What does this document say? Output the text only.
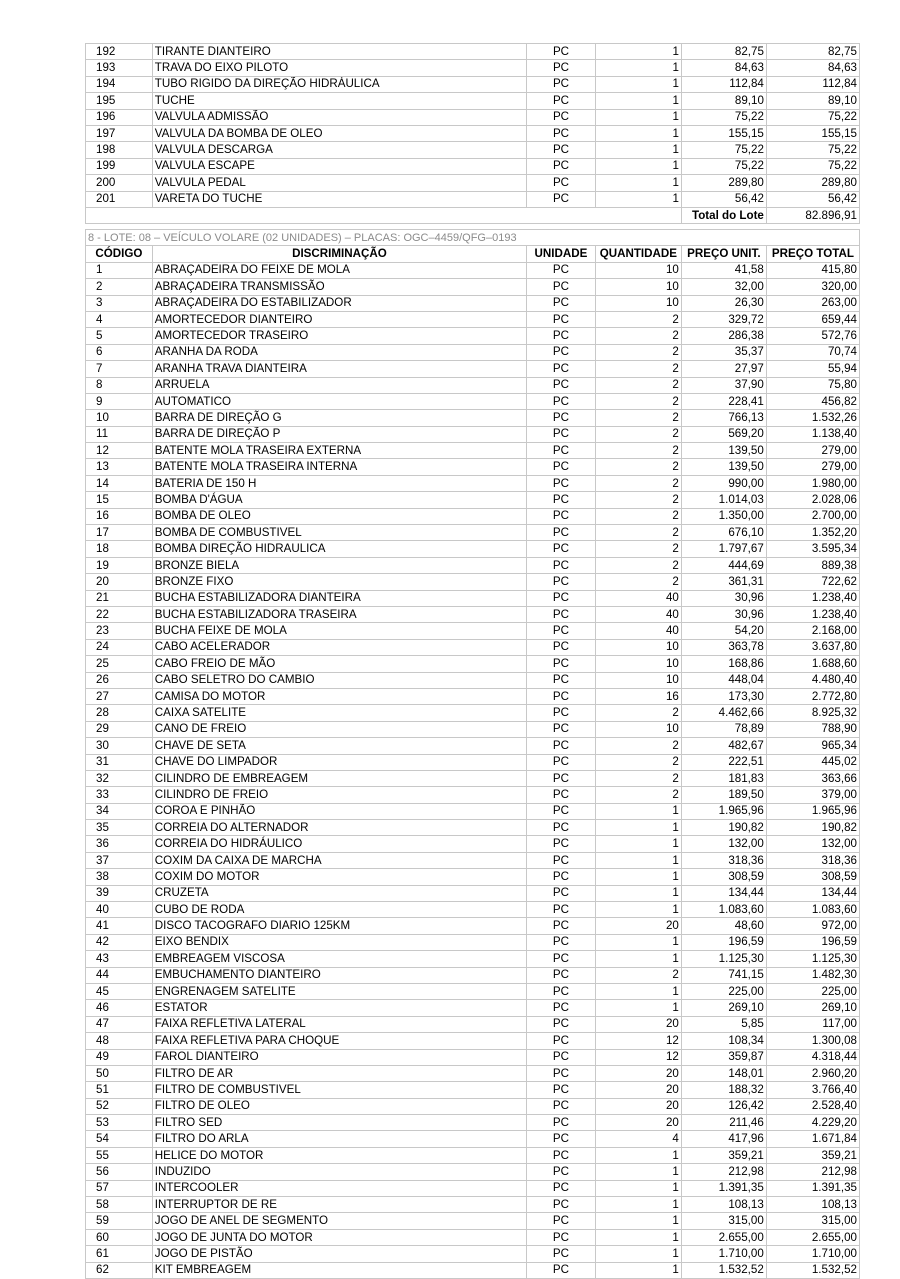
192	TIRANTE DIANTEIRO	PC	1	82,75	82,75
193	TRAVA DO EIXO PILOTO	PC	1	84,63	84,63
194	TUBO RIGIDO DA DIREÇÃO HIDRÁULICA	PC	1	112,84	112,84
195	TUCHE	PC	1	89,10	89,10
196	VALVULA ADMISSÃO	PC	1	75,22	75,22
197	VALVULA DA BOMBA DE OLEO	PC	1	155,15	155,15
198	VALVULA DESCARGA	PC	1	75,22	75,22
199	VALVULA ESCAPE	PC	1	75,22	75,22
200	VALVULA PEDAL	PC	1	289,80	289,80
201	VARETA DO TUCHE	PC	1	56,42	56,42
				Total do Lote	82.896,91
8 - LOTE: 08 – VEÍCULO VOLARE (02 UNIDADES) – PLACAS: OGC–4459/QFG–0193					
CÓDIGO	DISCRIMINAÇÃO	UNIDADE	QUANTIDADE	PREÇO UNIT.	PREÇO TOTAL
1	ABRAÇADEIRA DO FEIXE DE MOLA	PC	10	41,58	415,80
2	ABRAÇADEIRA TRANSMISSÃO	PC	10	32,00	320,00
3	ABRAÇADEIRA DO ESTABILIZADOR	PC	10	26,30	263,00
4	AMORTECEDOR DIANTEIRO	PC	2	329,72	659,44
5	AMORTECEDOR TRASEIRO	PC	2	286,38	572,76
6	ARANHA DA RODA	PC	2	35,37	70,74
7	ARANHA TRAVA DIANTEIRA	PC	2	27,97	55,94
8	ARRUELA	PC	2	37,90	75,80
9	AUTOMATICO	PC	2	228,41	456,82
10	BARRA DE DIREÇÃO G	PC	2	766,13	1.532,26
11	BARRA DE DIREÇÃO P	PC	2	569,20	1.138,40
12	BATENTE MOLA TRASEIRA EXTERNA	PC	2	139,50	279,00
13	BATENTE MOLA TRASEIRA INTERNA	PC	2	139,50	279,00
14	BATERIA DE 150 H	PC	2	990,00	1.980,00
15	BOMBA D'ÁGUA	PC	2	1.014,03	2.028,06
16	BOMBA DE OLEO	PC	2	1.350,00	2.700,00
17	BOMBA DE COMBUSTIVEL	PC	2	676,10	1.352,20
18	BOMBA DIREÇÃO HIDRAULICA	PC	2	1.797,67	3.595,34
19	BRONZE BIELA	PC	2	444,69	889,38
20	BRONZE FIXO	PC	2	361,31	722,62
21	BUCHA ESTABILIZADORA DIANTEIRA	PC	40	30,96	1.238,40
22	BUCHA ESTABILIZADORA TRASEIRA	PC	40	30,96	1.238,40
23	BUCHA FEIXE DE MOLA	PC	40	54,20	2.168,00
24	CABO ACELERADOR	PC	10	363,78	3.637,80
25	CABO FREIO DE MÃO	PC	10	168,86	1.688,60
26	CABO SELETRO DO CAMBIO	PC	10	448,04	4.480,40
27	CAMISA DO MOTOR	PC	16	173,30	2.772,80
28	CAIXA SATELITE	PC	2	4.462,66	8.925,32
29	CANO DE FREIO	PC	10	78,89	788,90
30	CHAVE DE SETA	PC	2	482,67	965,34
31	CHAVE DO LIMPADOR	PC	2	222,51	445,02
32	CILINDRO DE EMBREAGEM	PC	2	181,83	363,66
33	CILINDRO DE FREIO	PC	2	189,50	379,00
34	COROA E PINHÃO	PC	1	1.965,96	1.965,96
35	CORREIA DO ALTERNADOR	PC	1	190,82	190,82
36	CORREIA DO HIDRÁULICO	PC	1	132,00	132,00
37	COXIM DA CAIXA DE MARCHA	PC	1	318,36	318,36
38	COXIM DO MOTOR	PC	1	308,59	308,59
39	CRUZETA	PC	1	134,44	134,44
40	CUBO DE RODA	PC	1	1.083,60	1.083,60
41	DISCO TACOGRAFO DIARIO 125KM	PC	20	48,60	972,00
42	EIXO BENDIX	PC	1	196,59	196,59
43	EMBREAGEM VISCOSA	PC	1	1.125,30	1.125,30
44	EMBUCHAMENTO DIANTEIRO	PC	2	741,15	1.482,30
45	ENGRENAGEM SATELITE	PC	1	225,00	225,00
46	ESTATOR	PC	1	269,10	269,10
47	FAIXA REFLETIVA LATERAL	PC	20	5,85	117,00
48	FAIXA REFLETIVA PARA CHOQUE	PC	12	108,34	1.300,08
49	FAROL DIANTEIRO	PC	12	359,87	4.318,44
50	FILTRO DE AR	PC	20	148,01	2.960,20
51	FILTRO DE COMBUSTIVEL	PC	20	188,32	3.766,40
52	FILTRO DE OLEO	PC	20	126,42	2.528,40
53	FILTRO SED	PC	20	211,46	4.229,20
54	FILTRO DO ARLA	PC	4	417,96	1.671,84
55	HELICE DO MOTOR	PC	1	359,21	359,21
56	INDUZIDO	PC	1	212,98	212,98
57	INTERCOOLER	PC	1	1.391,35	1.391,35
58	INTERRUPTOR DE RE	PC	1	108,13	108,13
59	JOGO DE ANEL DE SEGMENTO	PC	1	315,00	315,00
60	JOGO DE JUNTA DO MOTOR	PC	1	2.655,00	2.655,00
61	JOGO DE PISTÃO	PC	1	1.710,00	1.710,00
62	KIT EMBREAGEM	PC	1	1.532,52	1.532,52
